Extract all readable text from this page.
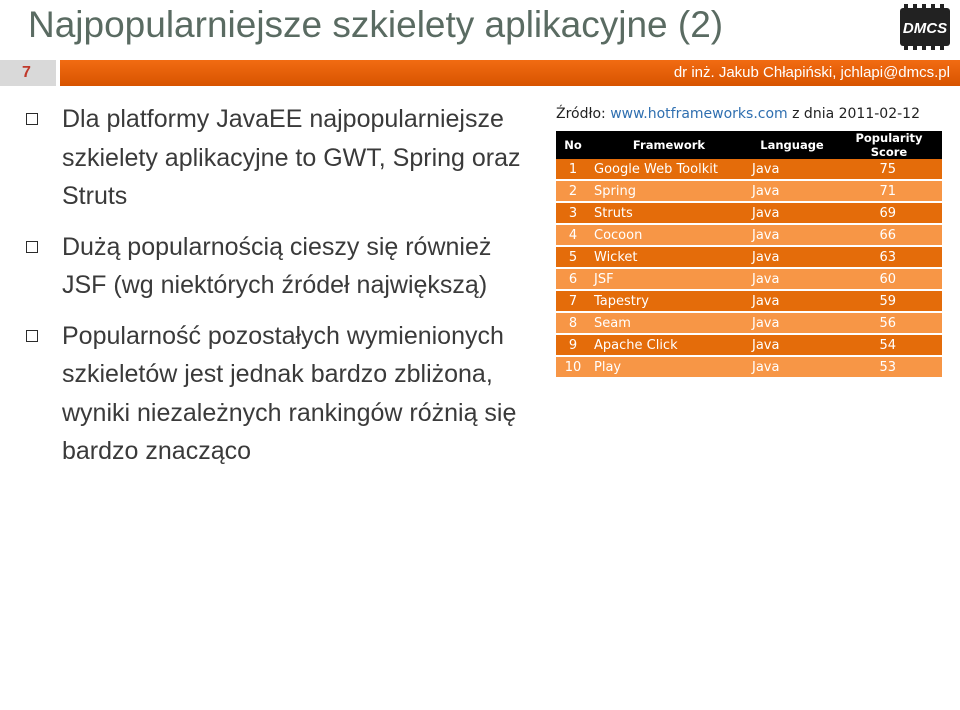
Najpopularniejsze szkielety aplikacyjne (2)	DMCS
7	dr inż. Jakub Chłapiński, jchlapi@dmcs.pl
Dla platformy JavaEE najpopularniejsze szkielety aplikacyjne to GWT, Spring oraz Struts
Dużą popularnością cieszy się również JSF (wg niektórych źródeł największą)
Popularność pozostałych wymienionych szkieletów jest jednak bardzo zbliżona, wyniki niezależnych rankingów różnią się bardzo znacząco
Źródło: www.hotframeworks.com z dnia 2011-02-12
No	Framework	Language	Popularity Score
1	Google Web Toolkit	Java	75
2	Spring	Java	71
3	Struts	Java	69
4	Cocoon	Java	66
5	Wicket	Java	63
6	JSF	Java	60
7	Tapestry	Java	59
8	Seam	Java	56
9	Apache Click	Java	54
10	Play	Java	53
